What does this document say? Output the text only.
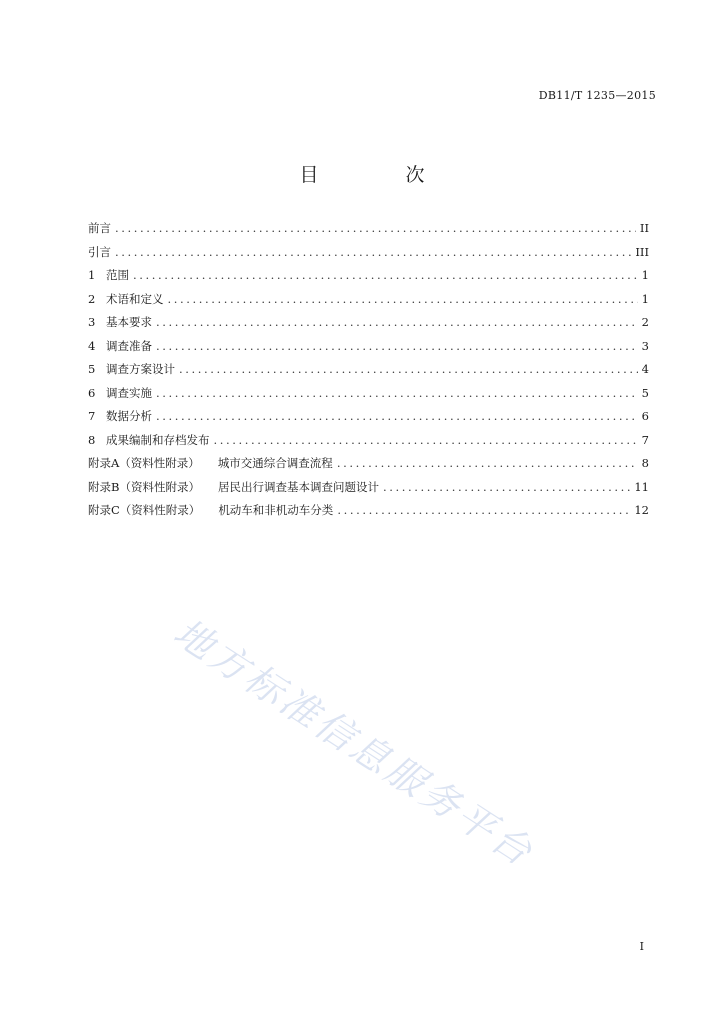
DB11/T 1235—2015
目　次
前言 .....	II
引言 .....	III
1 范围 .....	1
2 术语和定义 .....	1
3 基本要求 .....	2
4 调查准备 .....	3
5 调查方案设计 .....	4
6 调查实施 .....	5
7 数据分析 .....	6
8 成果编制和存档发布 .....	7
附录A（资料性附录） 城市交通综合调查流程 .....	8
附录B（资料性附录） 居民出行调查基本调查问题设计 .....	11
附录C（资料性附录） 机动车和非机动车分类 .....	12
地方标准信息服务平台
I
